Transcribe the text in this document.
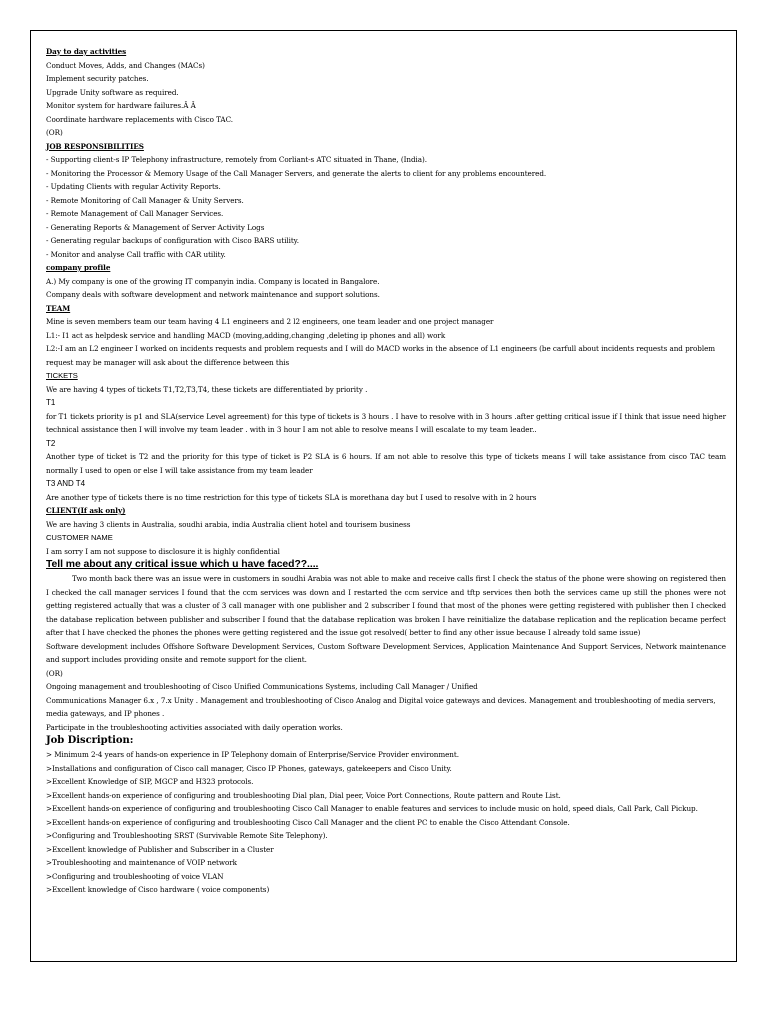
Day to day activities
Conduct Moves, Adds, and Changes (MACs)
Implement security patches.
Upgrade Unity software as required.
Monitor system for hardware failures.Â Â
Coordinate hardware replacements with Cisco TAC.
(OR)
JOB RESPONSIBILITIES
- Supporting client-s IP Telephony infrastructure, remotely from Corliant-s ATC situated in Thane, (India).
- Monitoring the Processor & Memory Usage of the Call Manager Servers, and generate the alerts to client for any problems encountered.
- Updating Clients with regular Activity Reports.
- Remote Monitoring of Call Manager & Unity Servers.
- Remote Management of Call Manager Services.
- Generating Reports & Management of Server Activity Logs
- Generating regular backups of configuration with Cisco BARS utility.
- Monitor and analyse Call traffic with CAR utility.
company profile
A.) My company is one of the growing IT companyin india. Company is located in Bangalore.
Company deals with software development and network maintenance and support solutions.
TEAM
Mine is seven members team our team having 4 L1 engineers and 2 l2 engineers, one team leader and one project manager
L1:- I1 act as helpdesk service and handling MACD (moving,adding,changing ,deleting ip phones and all) work
L2:-I am an L2 engineer I worked on incidents requests and problem requests and I will do MACD works in the absence of L1 engineers (be carfull about incidents requests and problem request may be manager will ask about the difference between this
TICKETS
We are having 4 types of tickets T1,T2,T3,T4, these tickets are differentiated by priority .
T1
for T1 tickets priority is p1 and SLA(service Level agreement) for this type of tickets is 3 hours . I have to resolve with in 3 hours .after getting critical issue if I think that issue need higher technical assistance then I will involve my team leader . with in 3 hour I am not able to resolve means I will escalate to my team leader..
T2
Another type of ticket is T2 and the priority for this type of ticket is P2 SLA is 6 hours. If am not able to resolve this type of tickets means I will take assistance from cisco TAC team normally I used to open or else I will take assistance from my team leader
T3 AND T4
Are another type of tickets there is no time restriction for this type of tickets SLA is morethana day but I used to resolve with in 2 hours
CLIENT(If ask only)
We are having 3 clients in Australia, soudhi arabia, india Australia client hotel and tourisem business
CUSTOMER NAME
I am sorry I am not suppose to disclosure it is highly confidential
Tell me about any critical issue which u have faced??....
Two month back there was an issue were in customers in soudhi Arabia was not able to make and receive calls first I check the status of the phone were showing on registered then I checked the call manager services I found that the ccm services was down and I restarted the ccm service and tftp services then both the services came up still the phones were not getting registered actually that was a cluster of 3 call manager with one publisher and 2 subscriber I found that most of the phones were getting registered with publisher then I checked the database replication between publisher and subscriber I found that the database replication was broken I have reinitialize the database replication and the replication became perfect after that I have checked the phones the phones were getting registered and the issue got resolved( better to find any other issue because I already told same issue)
Software development includes Offshore Software Development Services, Custom Software Development Services, Application Maintenance And Support Services, Network maintenance and support includes providing onsite and remote support for the client.
(OR)
Ongoing management and troubleshooting of Cisco Unified Communications Systems, including Call Manager / Unified
Communications Manager 6.x , 7.x Unity . Management and troubleshooting of Cisco Analog and Digital voice gateways and devices. Management and troubleshooting of media servers, media gateways, and IP phones .
Participate in the troubleshooting activities associated with daily operation works.
Job Discription:
> Minimum 2-4 years of hands-on experience in IP Telephony domain of Enterprise/Service Provider environment.
>Installations and configuration of Cisco call manager, Cisco IP Phones, gateways, gatekeepers and Cisco Unity.
>Excellent Knowledge of SIP, MGCP and H323 protocols.
>Excellent hands-on experience of configuring and troubleshooting Dial plan, Dial peer, Voice Port Connections, Route pattern and Route List.
>Excellent hands-on experience of configuring and troubleshooting Cisco Call Manager to enable features and services to include music on hold, speed dials, Call Park, Call Pickup.
>Excellent hands-on experience of configuring and troubleshooting Cisco Call Manager and the client PC to enable the Cisco Attendant Console.
>Configuring and Troubleshooting SRST (Survivable Remote Site Telephony).
>Excellent knowledge of Publisher and Subscriber in a Cluster
>Troubleshooting and maintenance of VOIP network
>Configuring and troubleshooting of voice VLAN
>Excellent knowledge of Cisco hardware ( voice components)
